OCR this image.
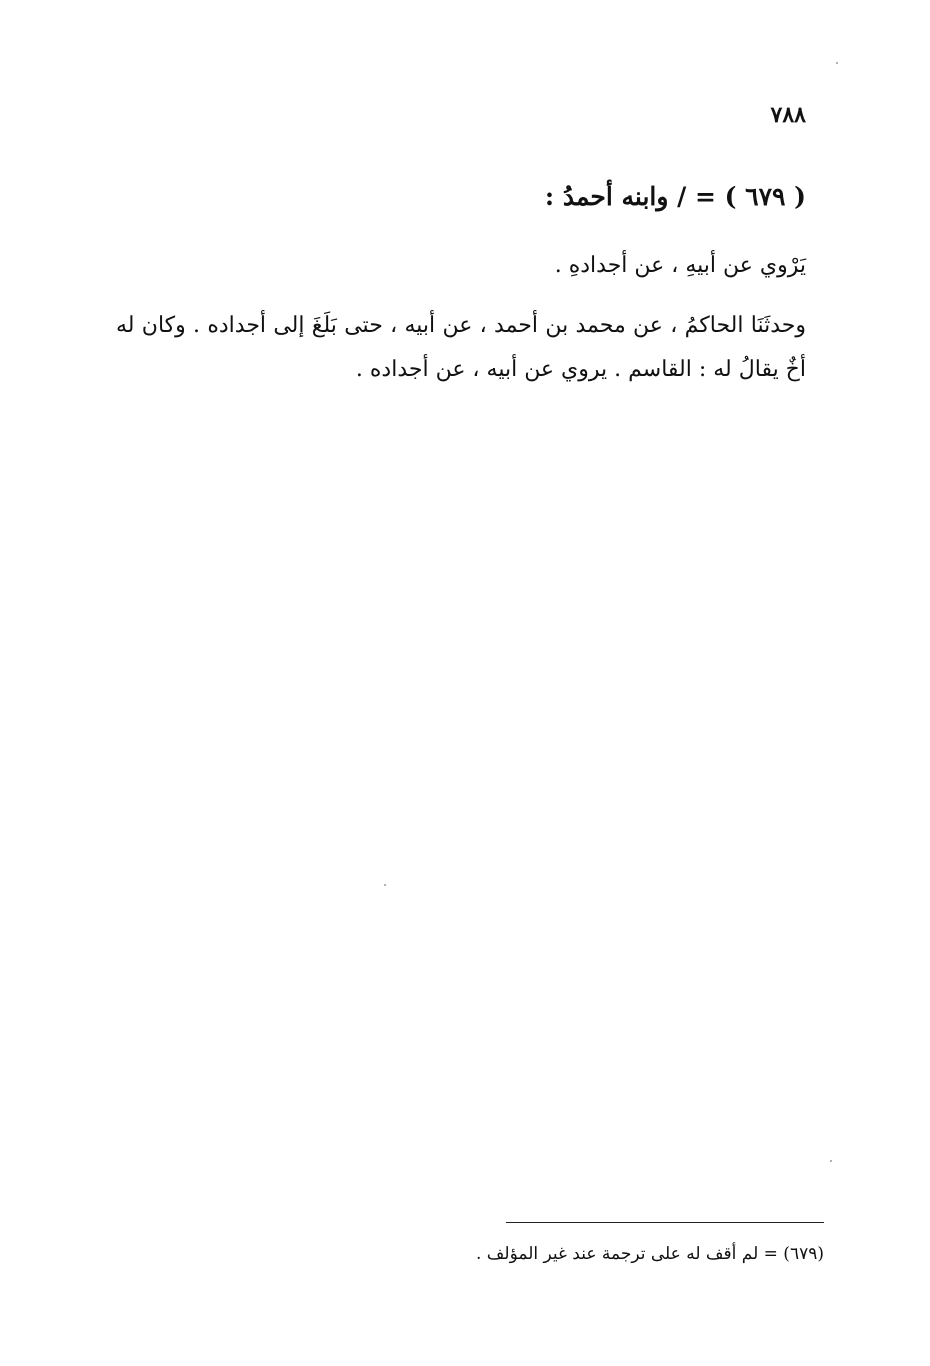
٧٨٨
( ٦٧٩ ) = / وابنه أحمدُ :
يَرْوي عن أبيهِ ، عن أجدادهِ .
وحدثَنَا الحاكمُ ، عن محمد بن أحمد ، عن أبيه ، حتى بَلَغَ إلى أجداده . وكان له أخٌ يقالُ له : القاسم . يروي عن أبيه ، عن أجداده .
(٦٧٩) = لم أقف له على ترجمة عند غير المؤلف .
